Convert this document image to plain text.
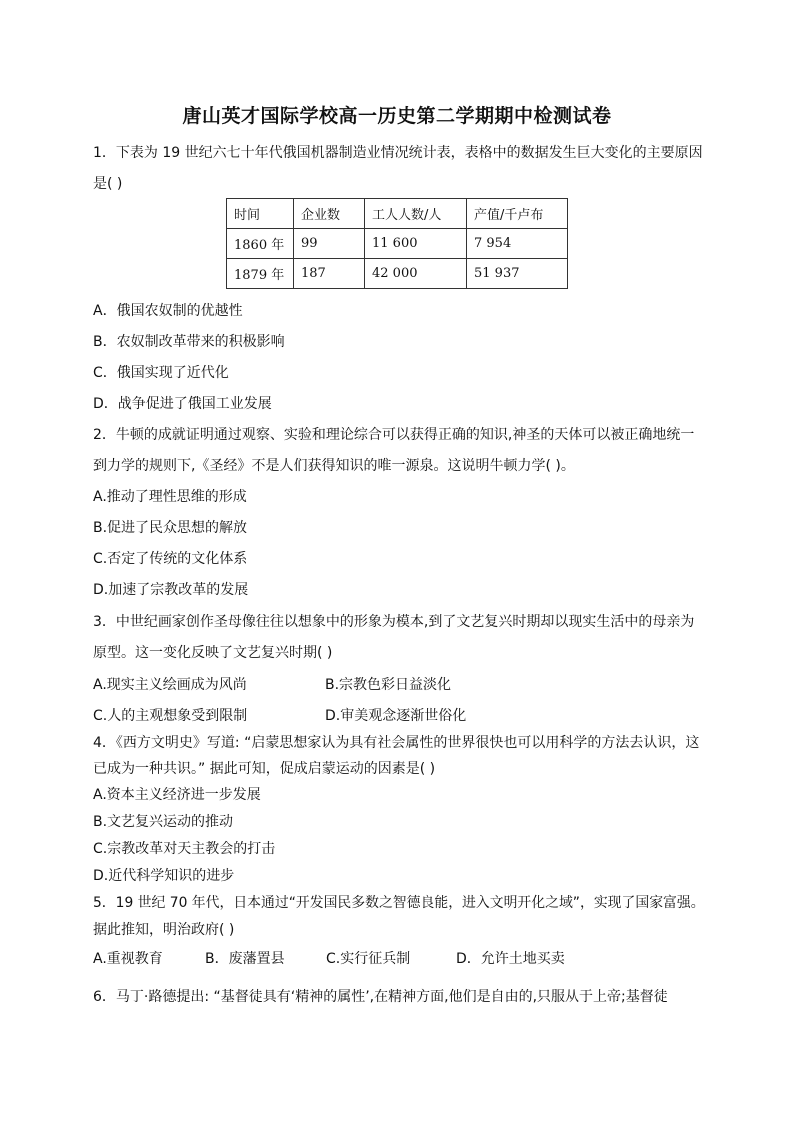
唐山英才国际学校高一历史第二学期期中检测试卷
1．下表为 19 世纪六七十年代俄国机器制造业情况统计表，表格中的数据发生巨大变化的主要原因
是( )
时间	企业数	工人人数/人	产值/千卢布
1860 年	99	11 600	7 954
1879 年	187	42 000	51 937
A．俄国农奴制的优越性
B．农奴制改革带来的积极影响
C．俄国实现了近代化
D．战争促进了俄国工业发展
2．牛顿的成就证明通过观察、实验和理论综合可以获得正确的知识,神圣的天体可以被正确地统一
到力学的规则下,《圣经》不是人们获得知识的唯一源泉。这说明牛顿力学( )。
A.推动了理性思维的形成
B.促进了民众思想的解放
C.否定了传统的文化体系
D.加速了宗教改革的发展
3．中世纪画家创作圣母像往往以想象中的形象为模本,到了文艺复兴时期却以现实生活中的母亲为
原型。这一变化反映了文艺复兴时期( )
A.现实主义绘画成为风尚	B.宗教色彩日益淡化
C.人的主观想象受到限制	D.审美观念逐渐世俗化
4．《西方文明史》写道: “启蒙思想家认为具有社会属性的世界很快也可以用科学的方法去认识，这
已成为一种共识。” 据此可知，促成启蒙运动的因素是( )
A.资本主义经济进一步发展
B.文艺复兴运动的推动
C.宗教改革对天主教会的打击
D.近代科学知识的进步
5．19 世纪 70 年代，日本通过“开发国民多数之智德良能，进入文明开化之域”，实现了国家富强。
据此推知，明治政府( )
A.重视教育	B．废藩置县	C.实行征兵制	D．允许土地买卖
6．马丁·路德提出: “基督徒具有‘精神的属性’,在精神方面,他们是自由的,只服从于上帝;基督徒
